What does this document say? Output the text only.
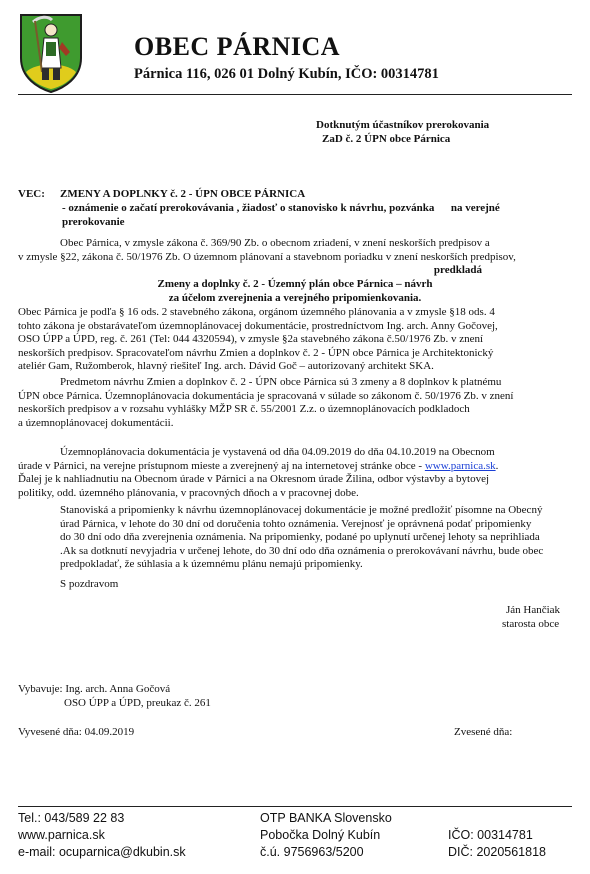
OBEC PÁRNICA
Párnica 116, 026 01 Dolný Kubín, IČO: 00314781
Dotknutým účastníkov prerokovania
ZaD č. 2 ÚPN obce Párnica
VEC: ZMENY A DOPLNKY č. 2 - ÚPN OBCE PÁRNICA
- oznámenie o začatí prerokovávania , žiadosť o stanovisko k návrhu, pozvánka      na verejné
prerokovanie
Obec Párnica, v zmysle zákona č. 369/90 Zb. o obecnom zriadení, v znení neskorších predpisov a
v zmysle §22, zákona č. 50/1976 Zb. O územnom plánovaní a stavebnom poriadku v znení neskorších predpisov,
predkladá
Zmeny a doplnky č. 2 - Územný plán obce Párnica – návrh
za účelom zverejnenia a verejného pripomienkovania.
Obec Párnica je podľa § 16 ods. 2 stavebného zákona, orgánom územného plánovania a v zmysle §18 ods. 4
tohto zákona je obstarávateľom územnoplánovacej dokumentácie, prostredníctvom Ing. arch. Anny Gočovej,
OSO ÚPP a ÚPD, reg. č. 261 (Tel: 044 4320594), v zmysle §2a stavebného zákona č.50/1976 Zb. v znení
neskorších predpisov. Spracovateľom návrhu Zmien a doplnkov č. 2 - ÚPN obce Párnica je Architektonický
ateliér Gam, Ružomberok, hlavný riešiteľ Ing. arch. Dávid Goč – autorizovaný architekt SKA.
Predmetom návrhu Zmien a doplnkov č. 2 - ÚPN obce Párnica sú 3 zmeny a 8 doplnkov k platnému
ÚPN obce Párnica. Územnoplánovacia dokumentácia je spracovaná v súlade so zákonom č. 50/1976 Zb. v znení
neskorších predpisov a v rozsahu vyhlášky MŽP SR č. 55/2001 Z.z. o územnoplánovacích podkladoch
a územnoplánovacej dokumentácii.
Územnoplánovacia dokumentácia je vystavená od dňa 04.09.2019 do dňa 04.10.2019 na Obecnom
úrade v Párnici, na verejne prístupnom mieste a zverejnený aj na internetovej stránke obce - www.parnica.sk.
Ďalej je k nahliadnutiu na Obecnom úrade v Párnici a na Okresnom úrade Žilina, odbor výstavby a bytovej
politiky, odd. územného plánovania, v pracovných dňoch a v pracovnej dobe.
Stanoviská a pripomienky k návrhu územnoplánovacej dokumentácie je možné predložiť písomne na Obecný
úrad Párnica, v lehote do 30 dní od doručenia tohto oznámenia. Verejnosť je oprávnená podať pripomienky
do 30 dní odo dňa zverejnenia oznámenia. Na pripomienky, podané po uplynutí určenej lehoty sa neprihliada
.Ak sa dotknutí nevyjadria v určenej lehote, do 30 dní odo dňa oznámenia o prerokovávaní návrhu, bude obec
predpokladať, že súhlasia a k územnému plánu nemajú pripomienky.
S pozdravom
Ján Hančiak
starosta obce
Vybavuje: Ing. arch. Anna Gočová
OSO ÚPP a ÚPD, preukaz č. 261
Vyvesené dňa: 04.09.2019	Zvesené dňa:
Tel.: 043/589 22 83
www.parnica.sk
e-mail: ocuparnica@dkubin.sk
OTP BANKA Slovensko
Pobočka Dolný Kubín
č.ú. 9756963/5200
IČO: 00314781
DIČ: 2020561818
